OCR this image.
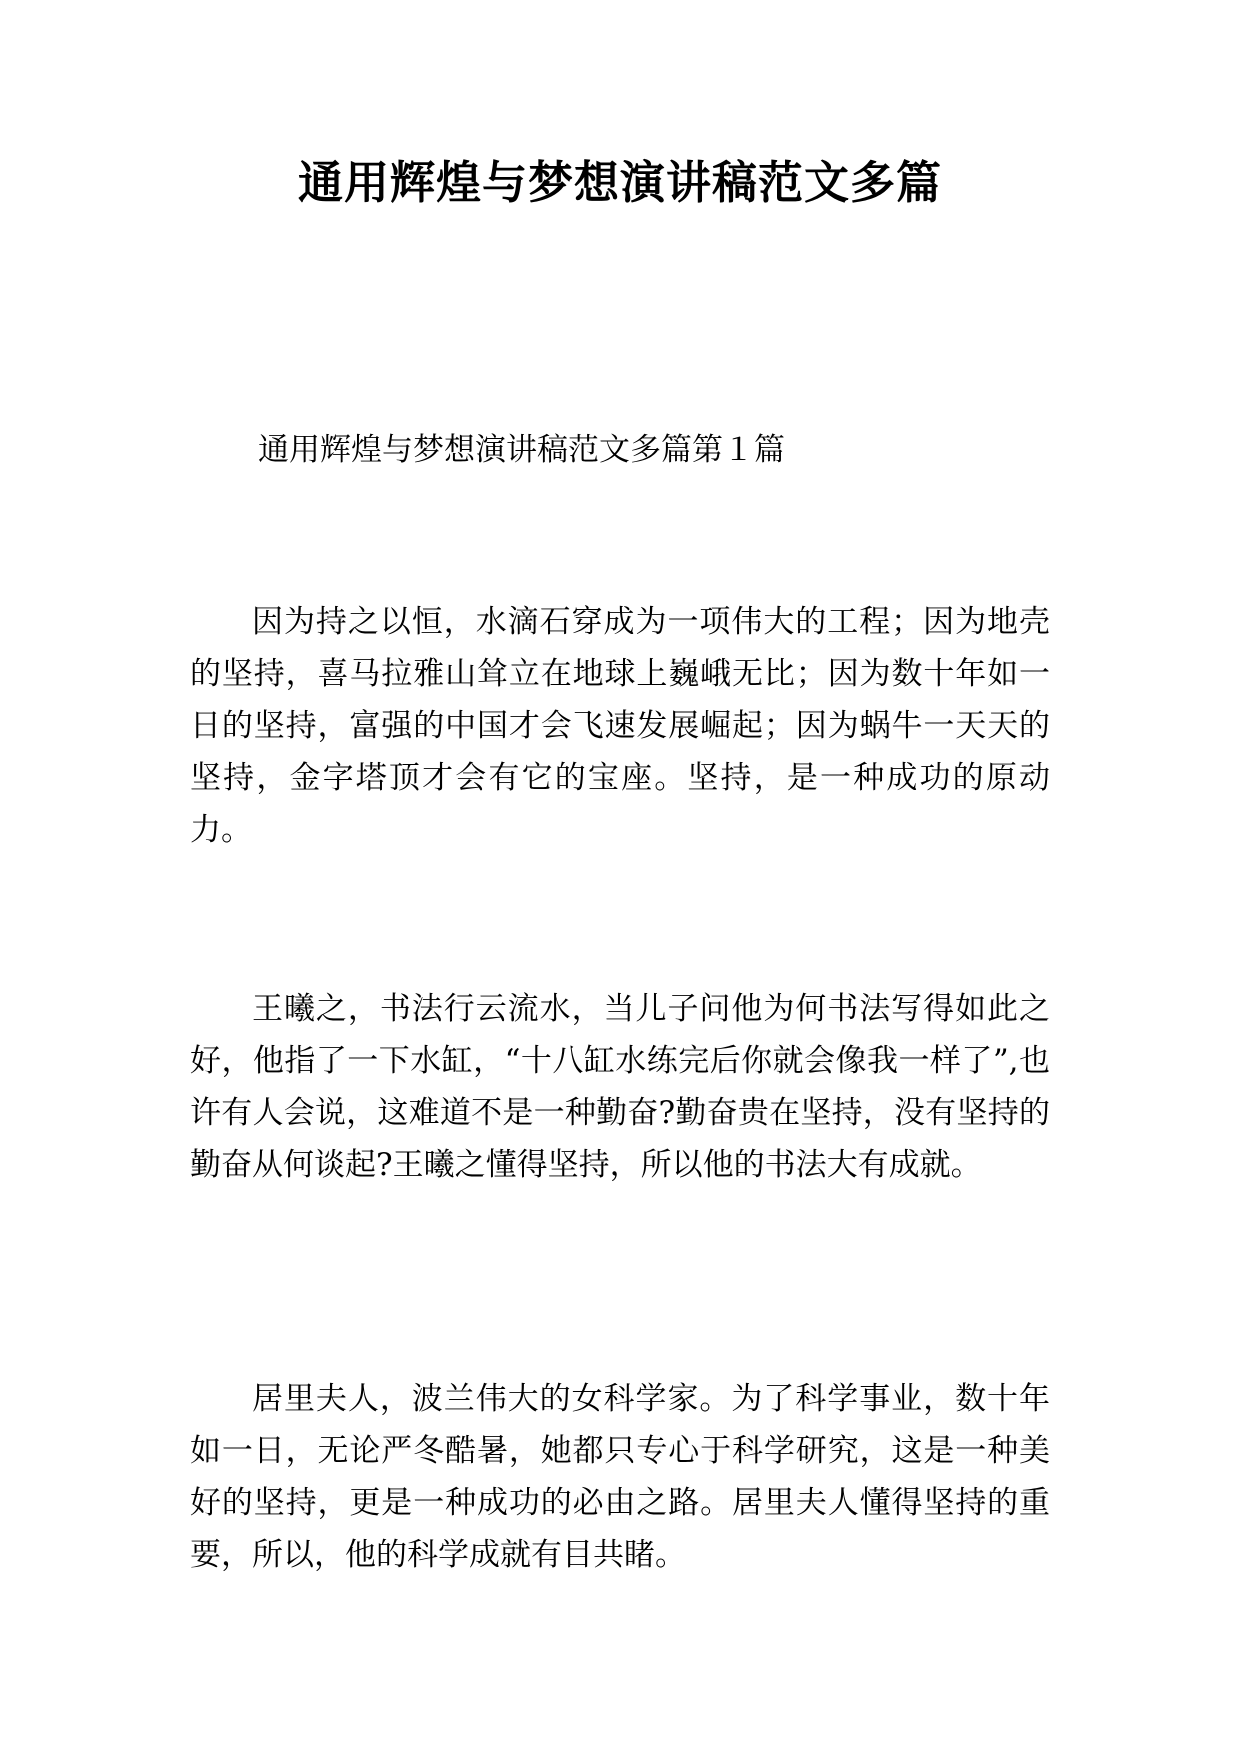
通用辉煌与梦想演讲稿范文多篇
通用辉煌与梦想演讲稿范文多篇第１篇

因为持之以恒，水滴石穿成为一项伟大的工程；因为地壳的坚持，喜马拉雅山耸立在地球上巍峨无比；因为数十年如一日的坚持，富强的中国才会飞速发展崛起；因为蜗牛一天天的坚持，金字塔顶才会有它的宝座。坚持，是一种成功的原动力。

王曦之，书法行云流水，当儿子问他为何书法写得如此之好，他指了一下水缸，“十八缸水练完后你就会像我一样了”,也许有人会说，这难道不是一种勤奋?勤奋贵在坚持，没有坚持的勤奋从何谈起?王曦之懂得坚持，所以他的书法大有成就。

居里夫人，波兰伟大的女科学家。为了科学事业，数十年如一日，无论严冬酷暑，她都只专心于科学研究，这是一种美好的坚持，更是一种成功的必由之路。居里夫人懂得坚持的重要，所以，他的科学成就有目共睹。
